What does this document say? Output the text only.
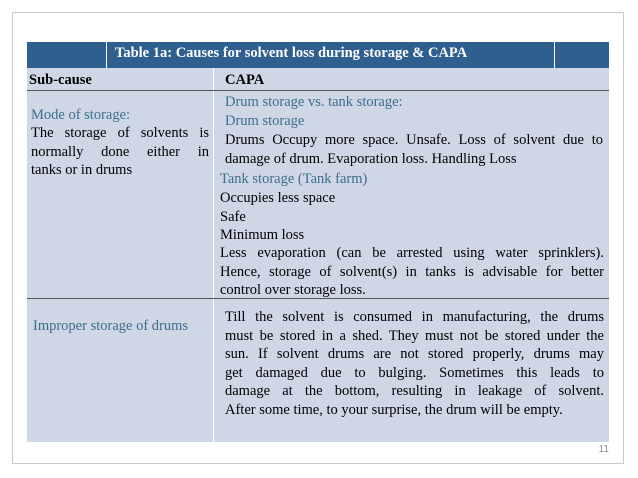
Table 1a: Causes for solvent loss during storage & CAPA
Sub-cause	CAPA
Mode of storage:
The storage of solvents is
normally done either in
tanks or in drums
Drum storage vs. tank storage:
Drum storage
Drums Occupy more space. Unsafe. Loss of solvent due to
damage of drum. Evaporation loss. Handling Loss
Tank storage (Tank farm)
Occupies less space
Safe
Minimum loss
Less evaporation (can be arrested using water sprinklers).
Hence, storage of solvent(s) in tanks is advisable for better
control over storage loss.
Improper storage of drums
Till the solvent is consumed in manufacturing, the drums
must be stored in a shed. They must not be stored under the
sun. If solvent drums are not stored properly, drums may
get damaged due to bulging. Sometimes this leads to
damage at the bottom, resulting in leakage of solvent.
After some time, to your surprise, the drum will be empty.
11
